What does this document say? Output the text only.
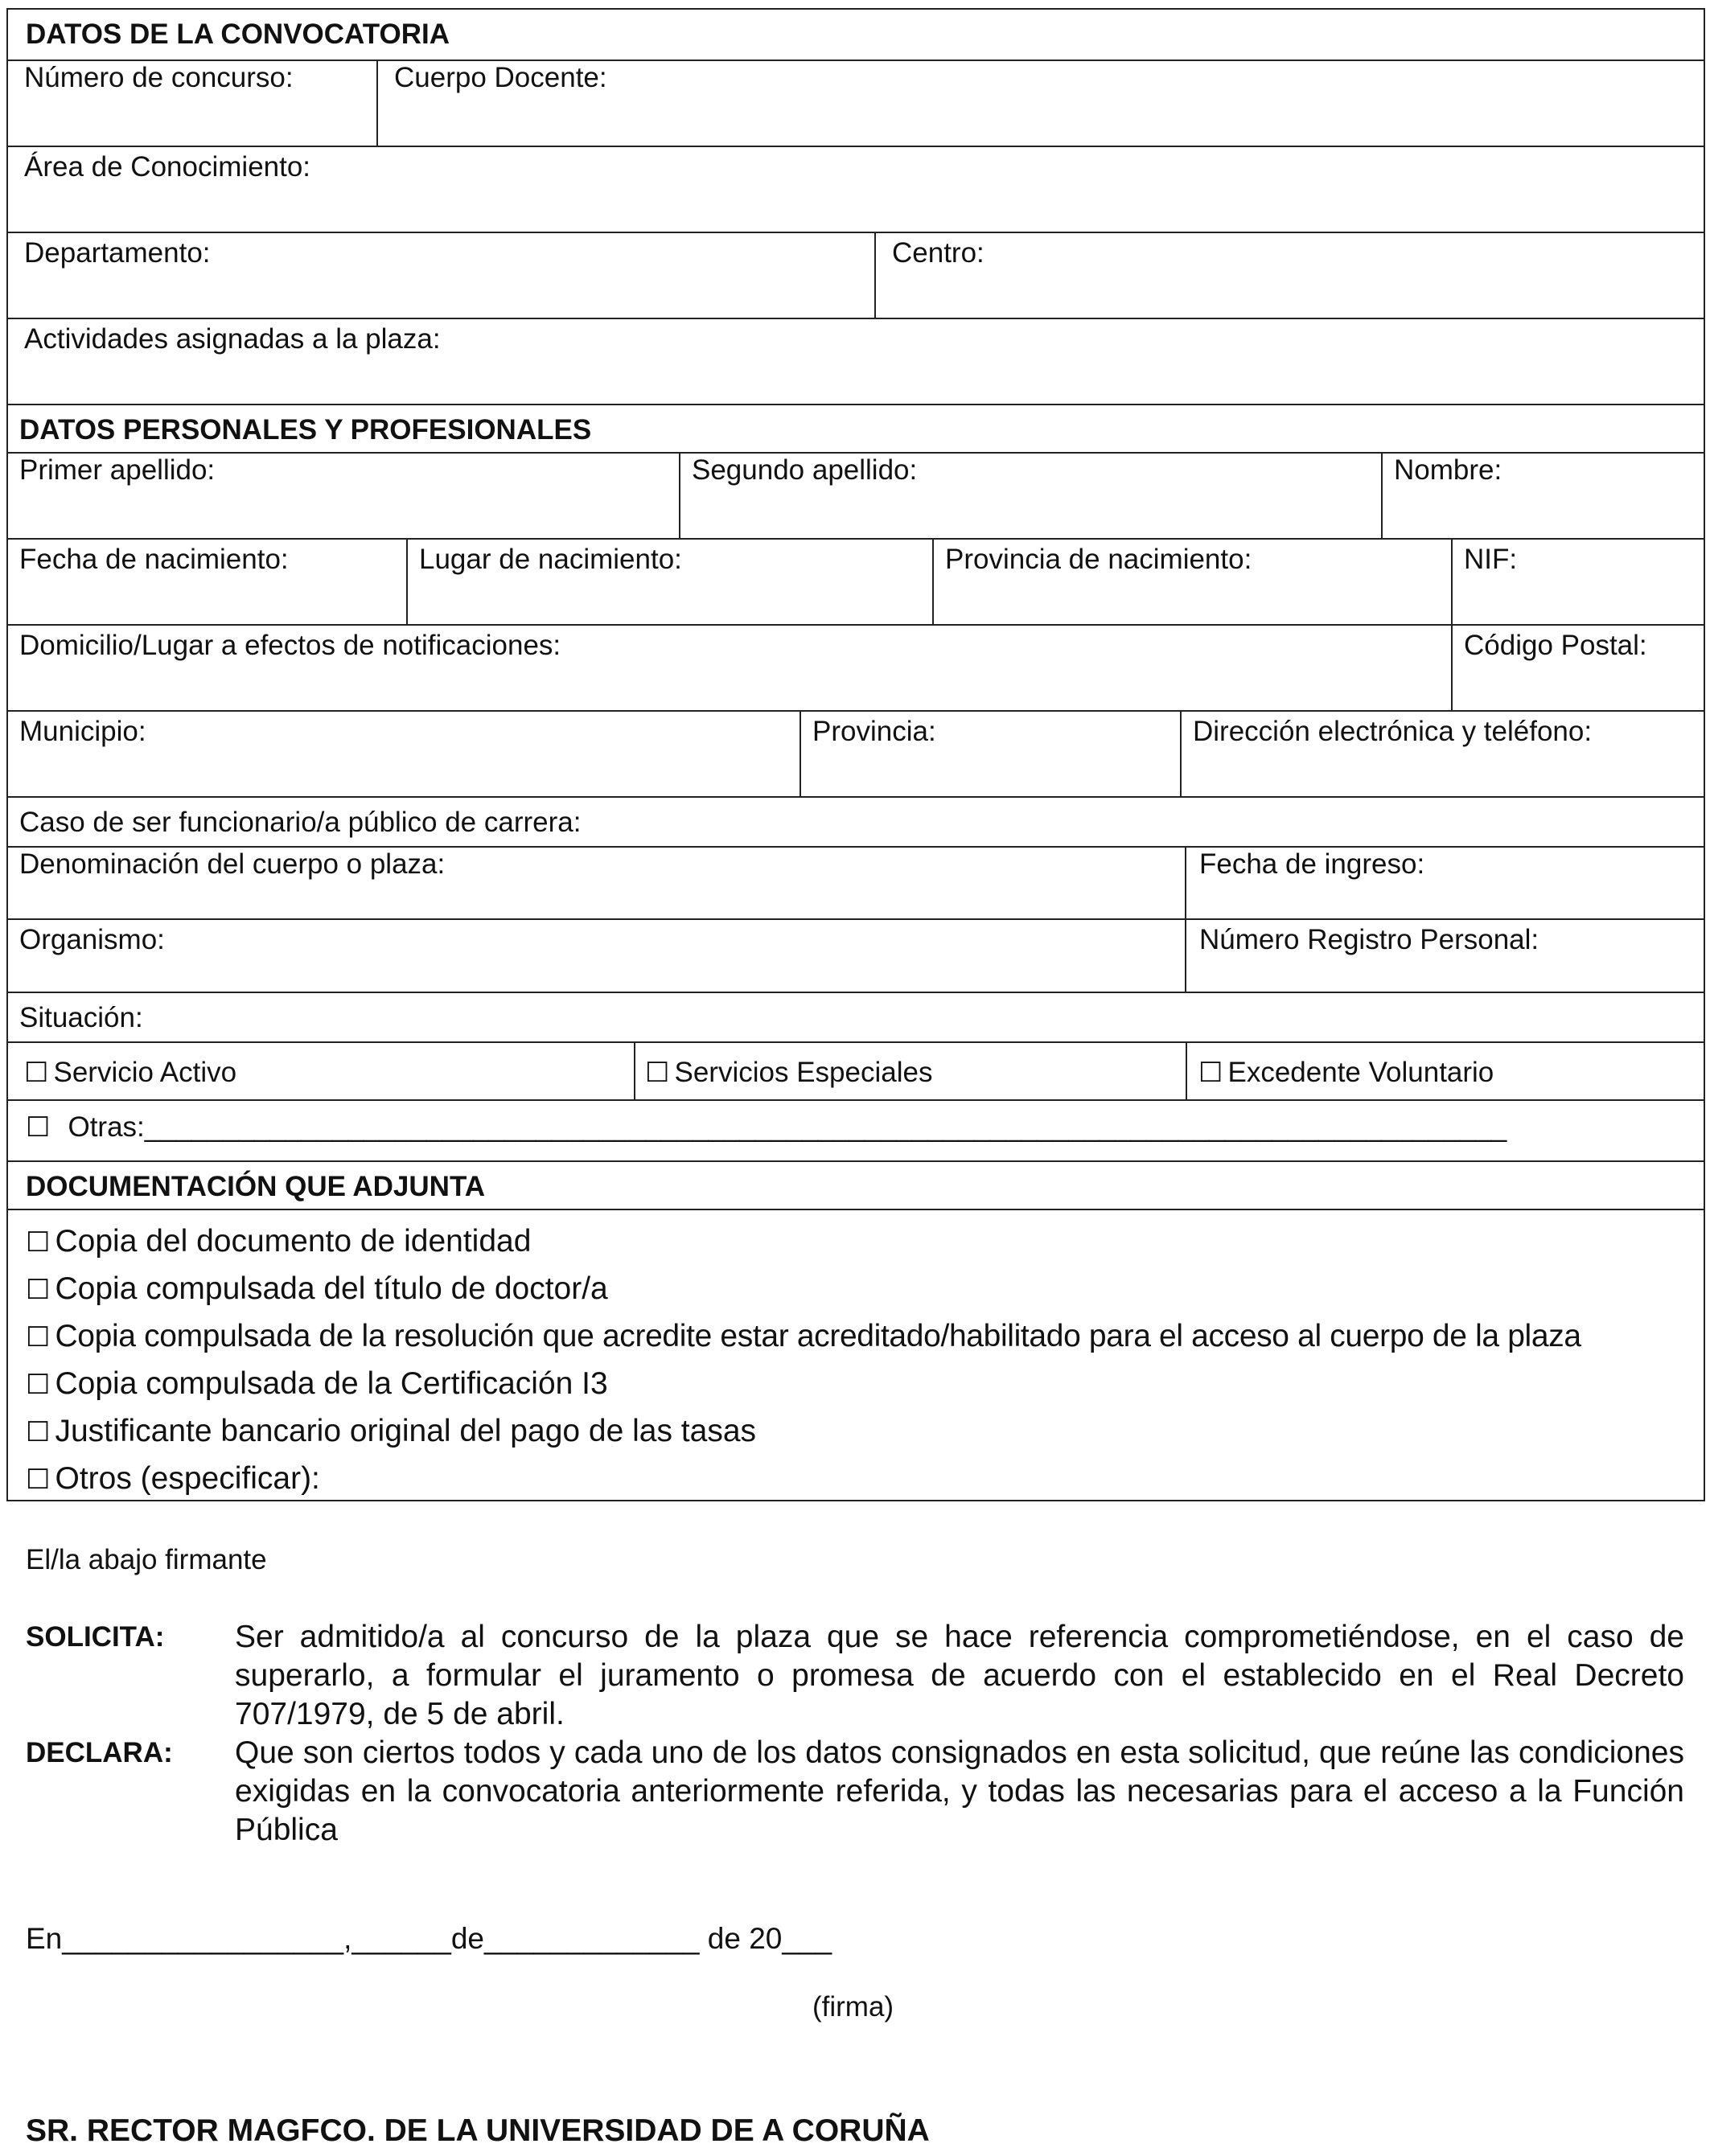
DATOS DE LA CONVOCATORIA
Número de concurso:	Cuerpo Docente:
Área de Conocimiento:
Departamento:	Centro:
Actividades asignadas a la plaza:
DATOS PERSONALES Y PROFESIONALES
Primer apellido:	Segundo apellido:	Nombre:
Fecha de nacimiento:	Lugar de nacimiento:	Provincia de nacimiento:	NIF:
Domicilio/Lugar a efectos de notificaciones:	Código Postal:
Municipio:	Provincia:	Dirección electrónica y teléfono:
Caso de ser funcionario/a público de carrera:
Denominación del cuerpo o plaza:	Fecha de ingreso:
Organismo:	Número Registro Personal:
Situación:
☐ Servicio Activo	☐ Servicios Especiales	☐ Excedente Voluntario
☐ Otras:_______________________________________________________________________________________
DOCUMENTACIÓN QUE ADJUNTA
☐ Copia del documento de identidad
☐ Copia compulsada del título de doctor/a
☐ Copia compulsada de la resolución que acredite estar acreditado/habilitado para el acceso al cuerpo de la plaza
☐ Copia compulsada de la Certificación I3
☐ Justificante bancario original del pago de las tasas
☐ Otros (especificar):
El/la abajo firmante
SOLICITA: Ser admitido/a al concurso de la plaza que se hace referencia comprometiéndose, en el caso de superarlo, a formular el juramento o promesa de acuerdo con el establecido en el Real Decreto 707/1979, de 5 de abril.
DECLARA: Que son ciertos todos y cada uno de los datos consignados en esta solicitud, que reúne las condiciones exigidas en la convocatoria anteriormente referida, y todas las necesarias para el acceso a la Función Pública
En_________________,______de_____________ de 20___
(firma)
SR. RECTOR MAGFCO. DE LA UNIVERSIDAD DE A CORUÑA
